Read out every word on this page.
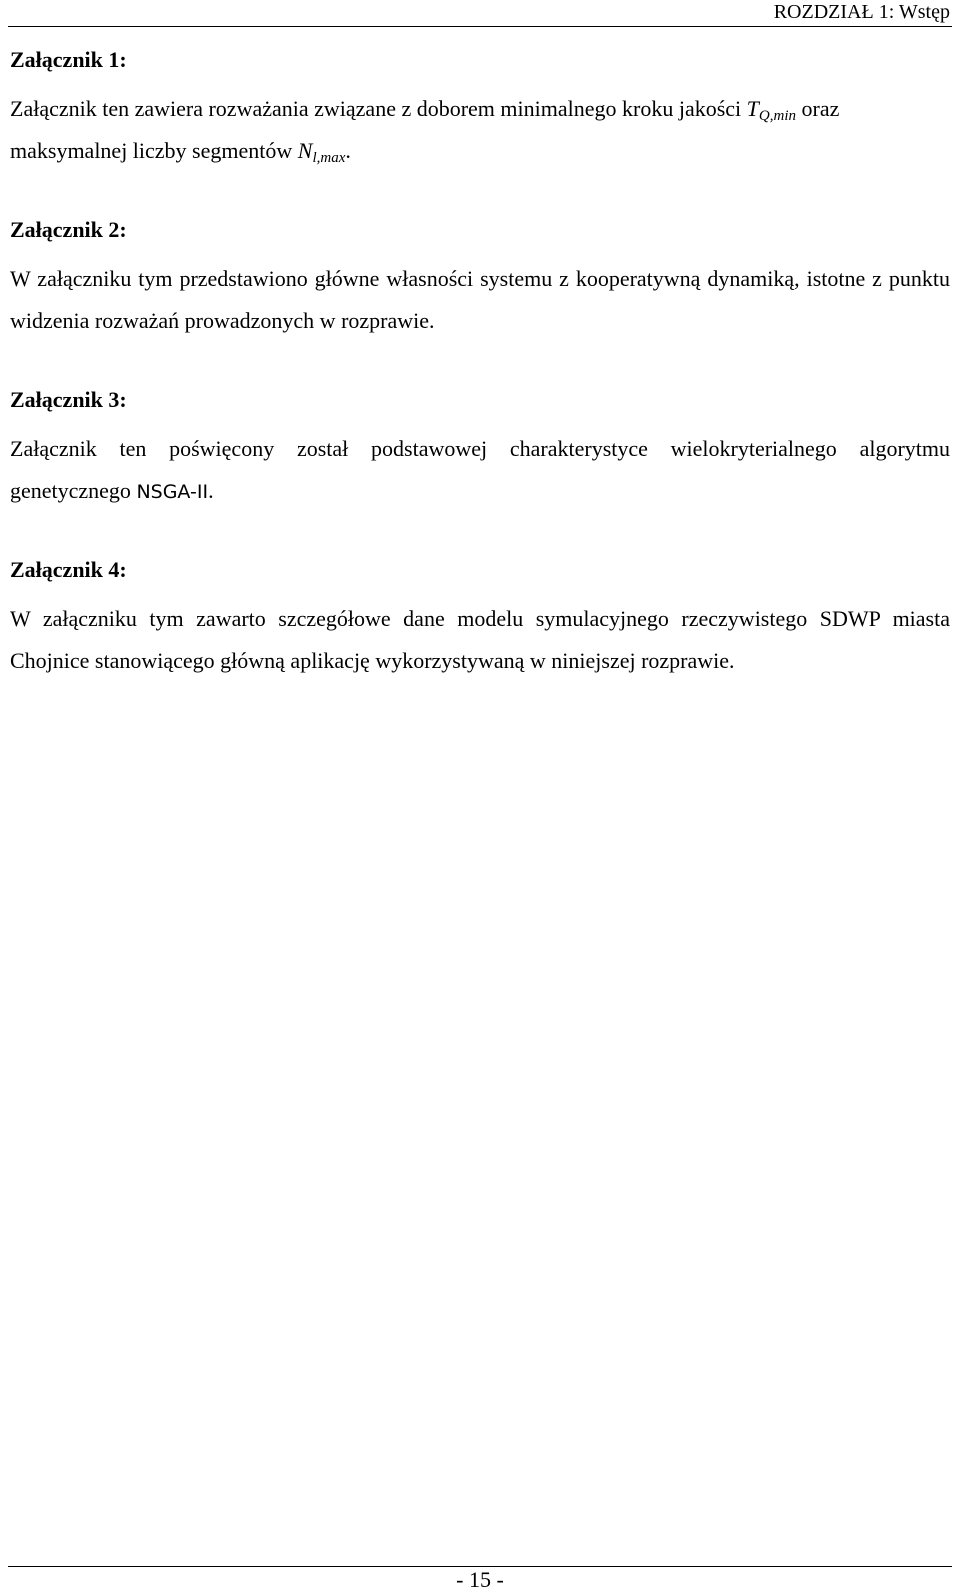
ROZDZIAŁ 1: Wstęp

Załącznik 1:

Załącznik ten zawiera rozważania związane z doborem minimalnego kroku jakości $T_{Q,min}$ oraz maksymalnej liczby segmentów $N_{l,max}$.

Załącznik 2:

W załączniku tym przedstawiono główne własności systemu z kooperatywną dynamiką, istotne z punktu widzenia rozważań prowadzonych w rozprawie.

Załącznik 3:

Załącznik ten poświęcony został podstawowej charakterystyce wielokryterialnego algorytmu genetycznego NSGA-II.

Załącznik 4:

W załączniku tym zawarto szczegółowe dane modelu symulacyjnego rzeczywistego SDWP miasta Chojnice stanowiącego główną aplikację wykorzystywaną w niniejszej rozprawie.

- 15 -
